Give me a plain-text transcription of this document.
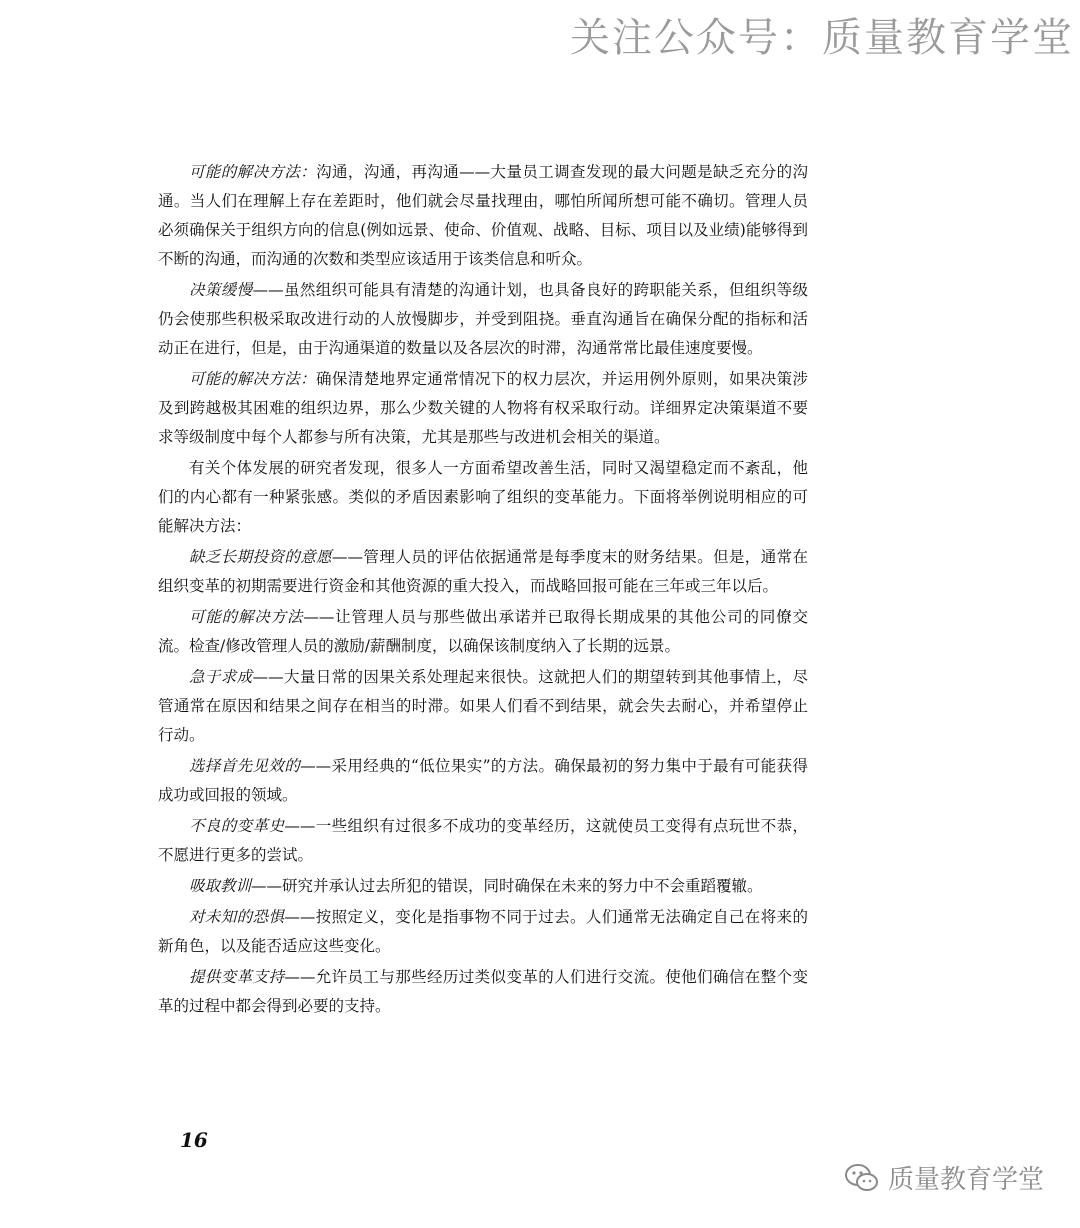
关注公众号：质量教育学堂

可能的解决方法：沟通，沟通，再沟通——大量员工调查发现的最大问题是缺乏充分的沟通。当人们在理解上存在差距时，他们就会尽量找理由，哪怕所闻所想可能不确切。管理人员必须确保关于组织方向的信息(例如远景、使命、价值观、战略、目标、项目以及业绩)能够得到不断的沟通，而沟通的次数和类型应该适用于该类信息和听众。

决策缓慢——虽然组织可能具有清楚的沟通计划，也具备良好的跨职能关系，但组织等级仍会使那些积极采取改进行动的人放慢脚步，并受到阻挠。垂直沟通旨在确保分配的指标和活动正在进行，但是，由于沟通渠道的数量以及各层次的时滞，沟通常常比最佳速度要慢。

可能的解决方法：确保清楚地界定通常情况下的权力层次，并运用例外原则，如果决策涉及到跨越极其困难的组织边界，那么少数关键的人物将有权采取行动。详细界定决策渠道不要求等级制度中每个人都参与所有决策，尤其是那些与改进机会相关的渠道。

有关个体发展的研究者发现，很多人一方面希望改善生活，同时又渴望稳定而不紊乱，他们的内心都有一种紧张感。类似的矛盾因素影响了组织的变革能力。下面将举例说明相应的可能解决方法：

缺乏长期投资的意愿——管理人员的评估依据通常是每季度末的财务结果。但是，通常在组织变革的初期需要进行资金和其他资源的重大投入，而战略回报可能在三年或三年以后。

可能的解决方法——让管理人员与那些做出承诺并已取得长期成果的其他公司的同僚交流。检查/修改管理人员的激励/薪酬制度，以确保该制度纳入了长期的远景。

急于求成——大量日常的因果关系处理起来很快。这就把人们的期望转到其他事情上，尽管通常在原因和结果之间存在相当的时滞。如果人们看不到结果，就会失去耐心，并希望停止行动。

选择首先见效的——采用经典的“低位果实”的方法。确保最初的努力集中于最有可能获得成功或回报的领域。

不良的变革史——一些组织有过很多不成功的变革经历，这就使员工变得有点玩世不恭，不愿进行更多的尝试。

吸取教训——研究并承认过去所犯的错误，同时确保在未来的努力中不会重蹈覆辙。

对未知的恐惧——按照定义，变化是指事物不同于过去。人们通常无法确定自己在将来的新角色，以及能否适应这些变化。

提供变革支持——允许员工与那些经历过类似变革的人们进行交流。使他们确信在整个变革的过程中都会得到必要的支持。

16
质量教育学堂
